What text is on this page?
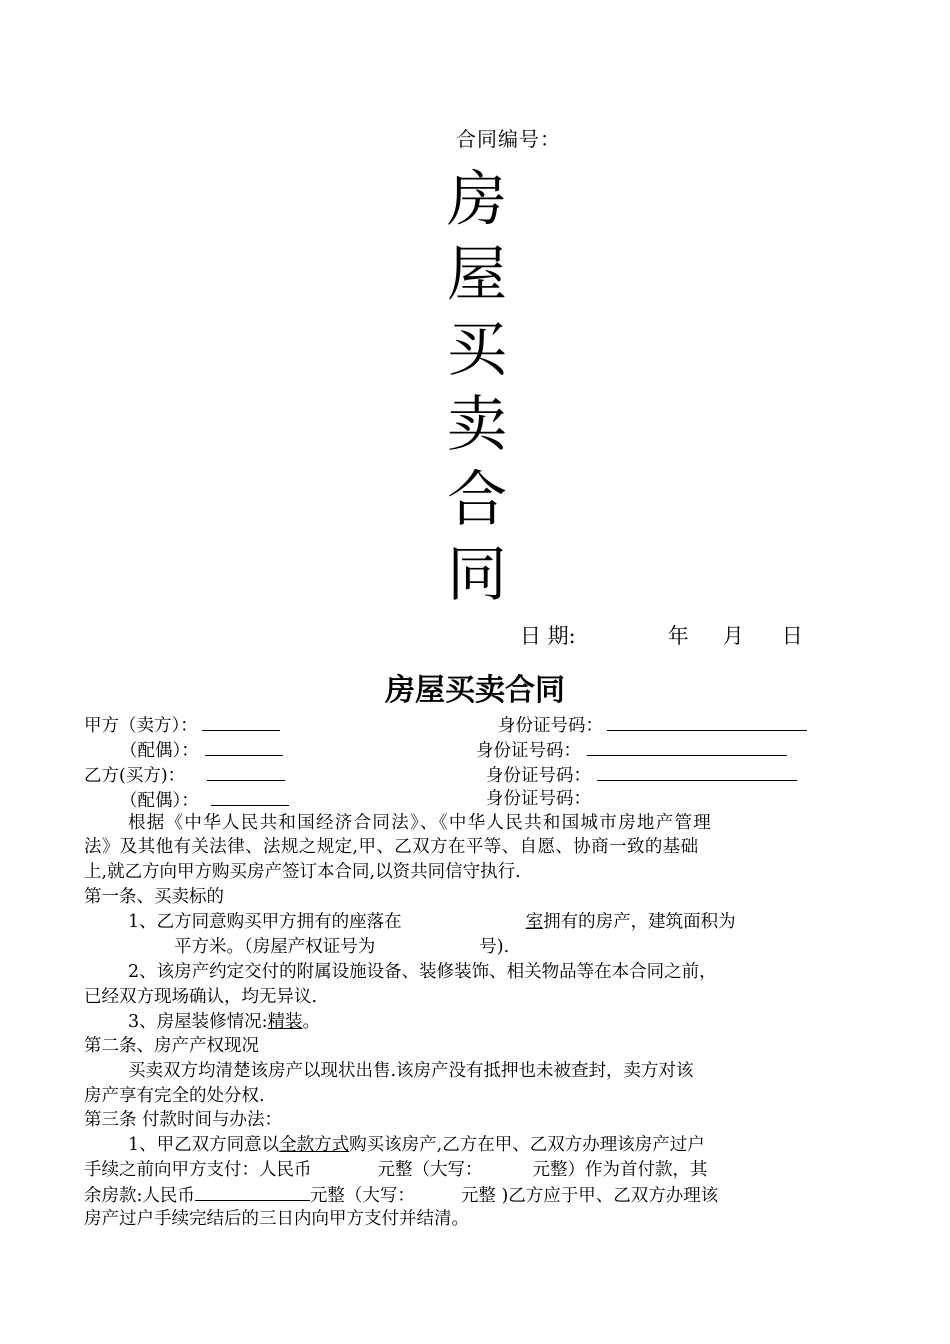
合同编号：
房
屋
买
卖
合
同
日 期:	年 月 日
房屋买卖合同
甲方（卖方）：	身份证号码：
（配偶）：	身份证号码：
乙方(买方)：	身份证号码：
（配偶）：	身份证号码：
根据《中华人民共和国经济合同法》、《中华人民共和国城市房地产管理
法》及其他有关法律、法规之规定,甲、乙双方在平等、自愿、协商一致的基础
上,就乙方向甲方购买房产签订本合同,以资共同信守执行.
第一条、买卖标的
1、乙方同意购买甲方拥有的座落在	室拥有的房产，建筑面积为
平方米。（房屋产权证号为	号).
2、该房产约定交付的附属设施设备、装修装饰、相关物品等在本合同之前，
已经双方现场确认，均无异议.
3、房屋装修情况:精装。
第二条、房产产权现况
买卖双方均清楚该房产以现状出售.该房产没有抵押也未被查封，卖方对该
房产享有完全的处分权.
第三条 付款时间与办法：
1、甲乙双方同意以全款方式购买该房产,乙方在甲、乙双方办理该房产过户
手续之前向甲方支付：人民币	元整（大写：	元整）作为首付款，其
余房款:人民币	元整（大写：	元整 )乙方应于甲、乙双方办理该
房产过户手续完结后的三日内向甲方支付并结清。
